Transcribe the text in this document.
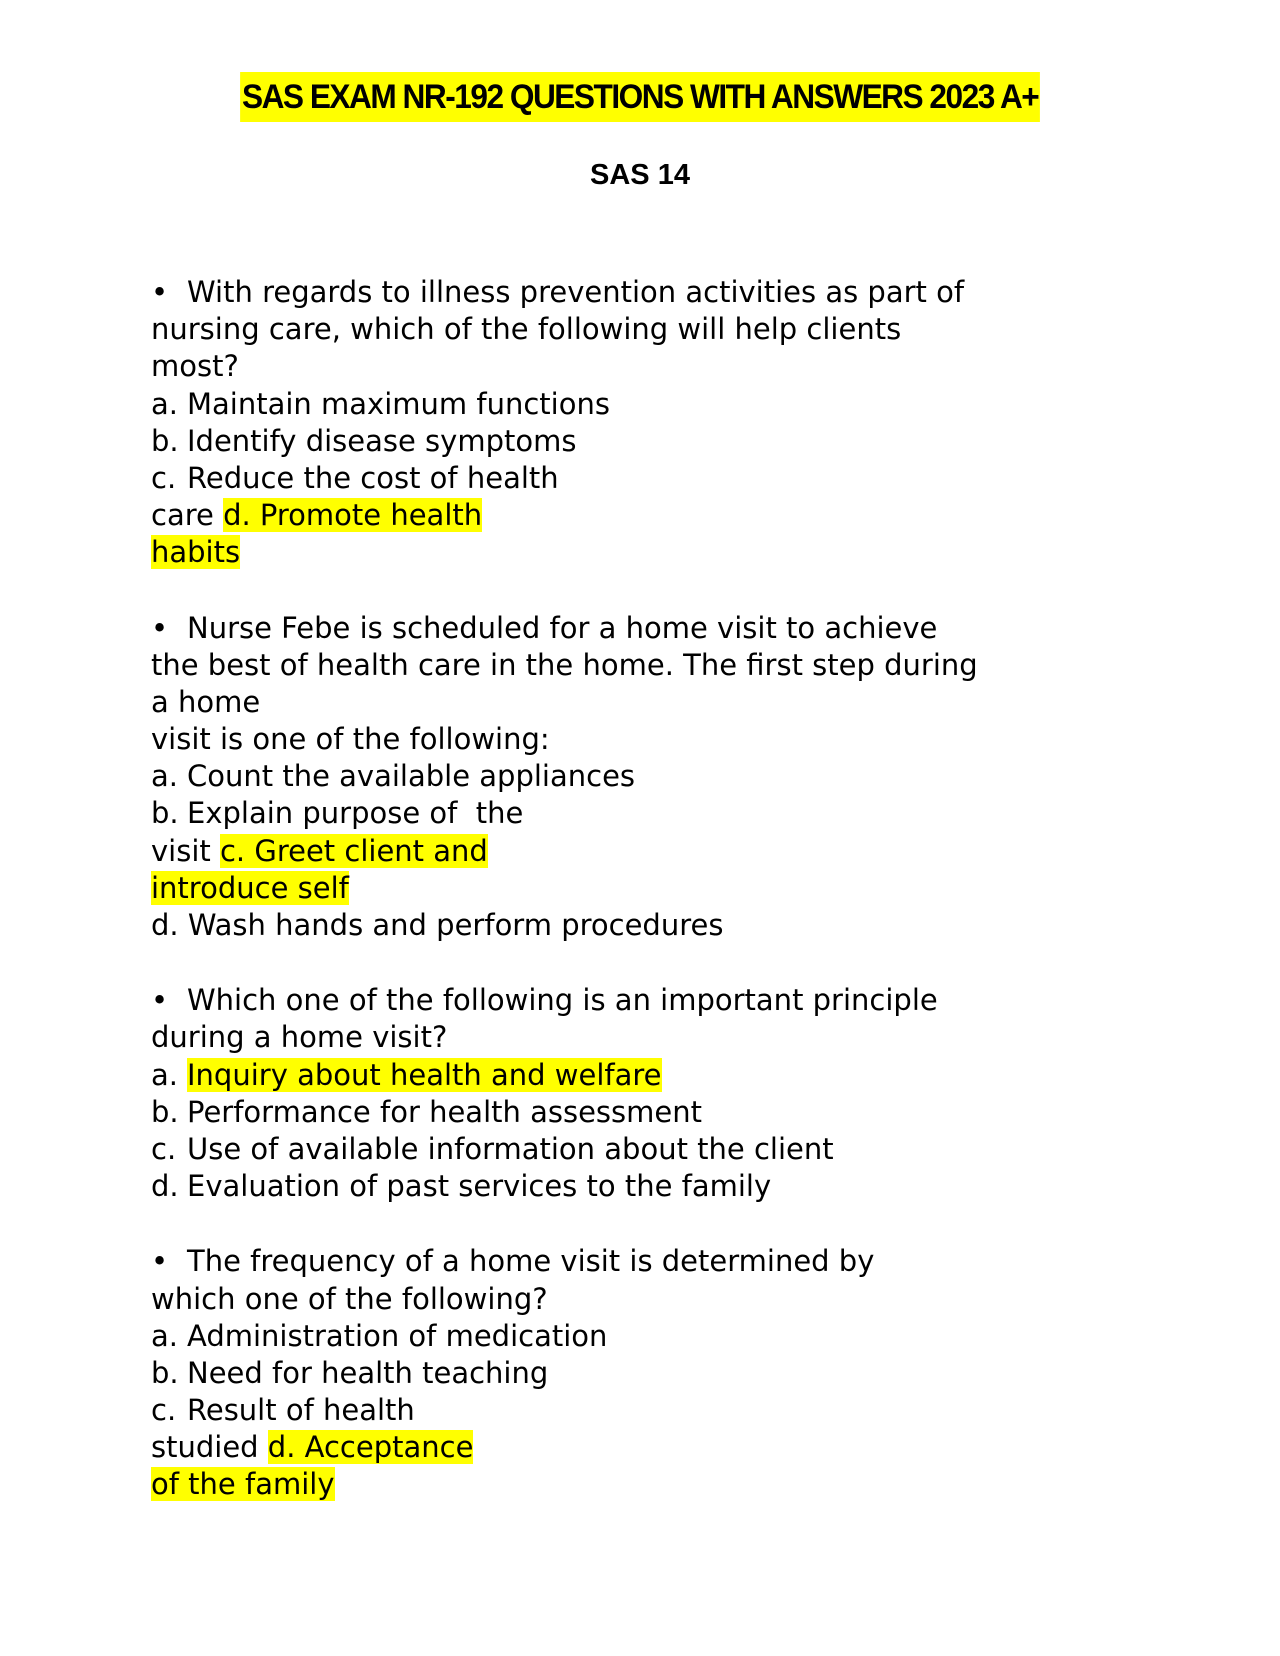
SAS EXAM NR-192 QUESTIONS WITH ANSWERS 2023 A+
SAS 14
• With regards to illness prevention activities as part of
nursing care, which of the following will help clients
most?
a. Maintain maximum functions
b. Identify disease symptoms
c. Reduce the cost of health
care d. Promote health
habits
• Nurse Febe is scheduled for a home visit to achieve
the best of health care in the home. The first step during
a home
visit is one of the following:
a. Count the available appliances
b. Explain purpose of  the
visit c. Greet client and
introduce self
d. Wash hands and perform procedures
• Which one of the following is an important principle
during a home visit?
a. Inquiry about health and welfare
b. Performance for health assessment
c. Use of available information about the client
d. Evaluation of past services to the family
• The frequency of a home visit is determined by
which one of the following?
a. Administration of medication
b. Need for health teaching
c. Result of health
studied d. Acceptance
of the family
